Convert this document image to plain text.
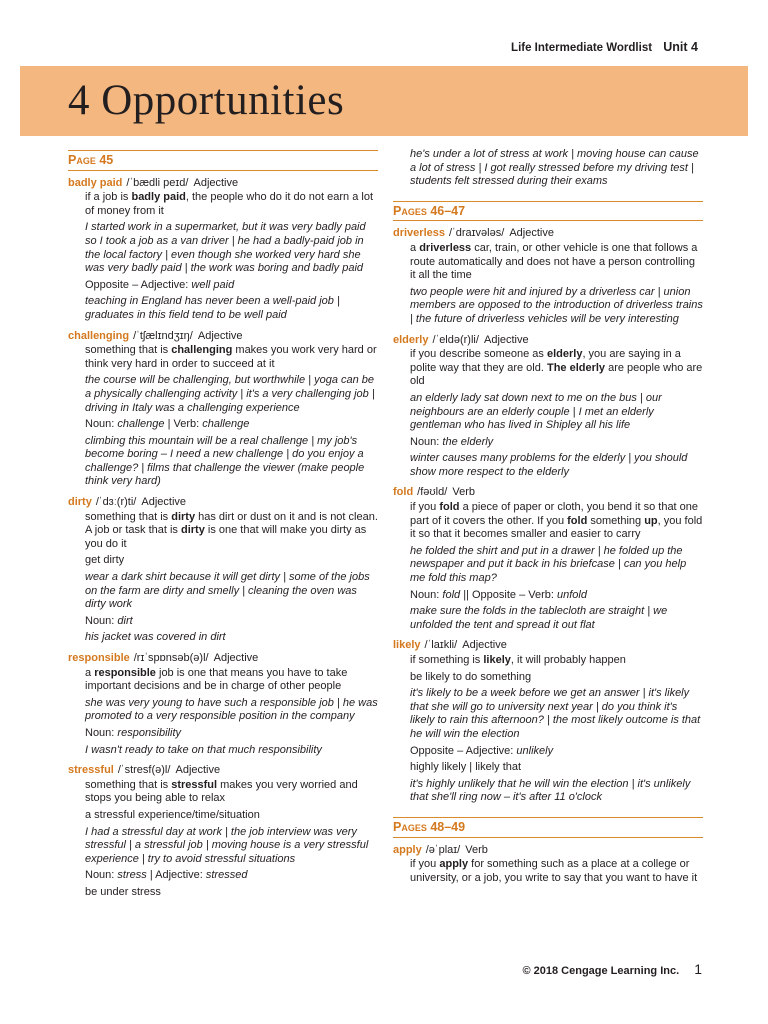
Life Intermediate Wordlist Unit 4
4 Opportunities
Page 45
badly paid /ˈbædli peɪd/ Adjective
if a job is badly paid, the people who do it do not earn a lot of money from it
I started work in a supermarket, but it was very badly paid so I took a job as a van driver | he had a badly-paid job in the local factory | even though she worked very hard she was very badly paid | the work was boring and badly paid
Opposite – Adjective: well paid
teaching in England has never been a well-paid job | graduates in this field tend to be well paid
challenging /ˈtʃælɪndʒɪŋ/ Adjective
something that is challenging makes you work very hard or think very hard in order to succeed at it
the course will be challenging, but worthwhile | yoga can be a physically challenging activity | it's a very challenging job | driving in Italy was a challenging experience
Noun: challenge | Verb: challenge
climbing this mountain will be a real challenge | my job's become boring – I need a new challenge | do you enjoy a challenge? | films that challenge the viewer (make people think very hard)
dirty /ˈdɜː(r)ti/ Adjective
something that is dirty has dirt or dust on it and is not clean. A job or task that is dirty is one that will make you dirty as you do it
get dirty
wear a dark shirt because it will get dirty | some of the jobs on the farm are dirty and smelly | cleaning the oven was dirty work
Noun: dirt
his jacket was covered in dirt
responsible /rɪˈspɒnsəb(ə)l/ Adjective
a responsible job is one that means you have to take important decisions and be in charge of other people
she was very young to have such a responsible job | he was promoted to a very responsible position in the company
Noun: responsibility
I wasn't ready to take on that much responsibility
stressful /ˈstresf(ə)l/ Adjective
something that is stressful makes you very worried and stops you being able to relax
a stressful experience/time/situation
I had a stressful day at work | the job interview was very stressful | a stressful job | moving house is a very stressful experience | try to avoid stressful situations
Noun: stress | Adjective: stressed
be under stress
he's under a lot of stress at work | moving house can cause a lot of stress | I got really stressed before my driving test | students felt stressed during their exams
Pages 46–47
driverless /ˈdraɪvələs/ Adjective
a driverless car, train, or other vehicle is one that follows a route automatically and does not have a person controlling it all the time
two people were hit and injured by a driverless car | union members are opposed to the introduction of driverless trains | the future of driverless vehicles will be very interesting
elderly /ˈeldə(r)li/ Adjective
if you describe someone as elderly, you are saying in a polite way that they are old. The elderly are people who are old
an elderly lady sat down next to me on the bus | our neighbours are an elderly couple | I met an elderly gentleman who has lived in Shipley all his life
Noun: the elderly
winter causes many problems for the elderly | you should show more respect to the elderly
fold /fəʊld/ Verb
if you fold a piece of paper or cloth, you bend it so that one part of it covers the other. If you fold something up, you fold it so that it becomes smaller and easier to carry
he folded the shirt and put in a drawer | he folded up the newspaper and put it back in his briefcase | can you help me fold this map?
Noun: fold || Opposite – Verb: unfold
make sure the folds in the tablecloth are straight | we unfolded the tent and spread it out flat
likely /ˈlaɪkli/ Adjective
if something is likely, it will probably happen
be likely to do something
it's likely to be a week before we get an answer | it's likely that she will go to university next year | do you think it's likely to rain this afternoon? | the most likely outcome is that he will win the election
Opposite – Adjective: unlikely
highly likely | likely that
it's highly unlikely that he will win the election | it's unlikely that she'll ring now – it's after 11 o'clock
Pages 48–49
apply /əˈplaɪ/ Verb
if you apply for something such as a place at a college or university, or a job, you write to say that you want to have it
© 2018 Cengage Learning Inc. 1
